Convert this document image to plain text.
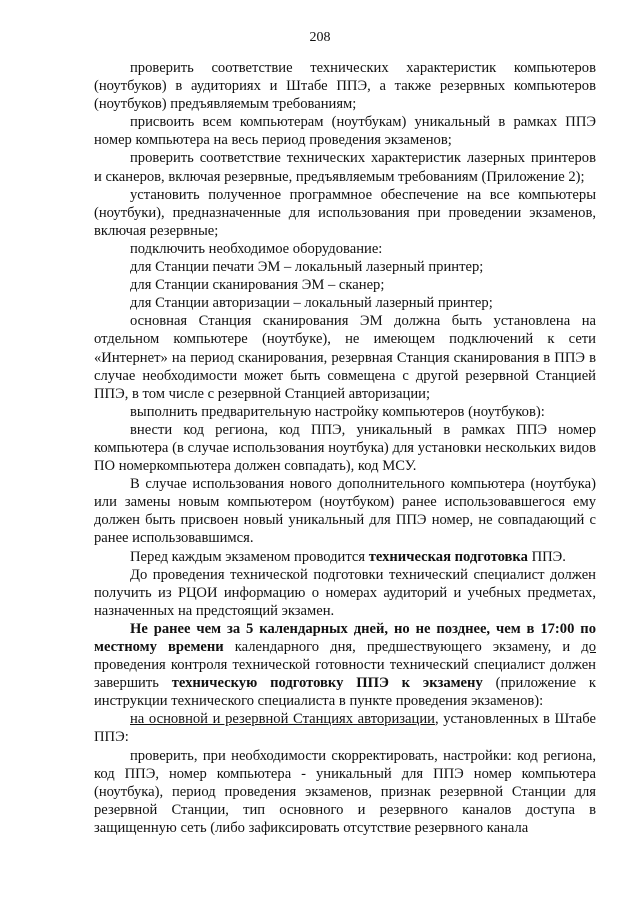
208

проверить соответствие технических характеристик компьютеров (ноутбуков) в аудиториях и Штабе ППЭ, а также резервных компьютеров (ноутбуков) предъявляемым требованиям;

присвоить всем компьютерам (ноутбукам) уникальный в рамках ППЭ номер компьютера на весь период проведения экзаменов;

проверить соответствие технических характеристик лазерных принтеров и сканеров, включая резервные, предъявляемым требованиям (Приложение 2);

установить полученное программное обеспечение на все компьютеры (ноутбуки), предназначенные для использования при проведении экзаменов, включая резервные;

подключить необходимое оборудование:

для Станции печати ЭМ – локальный лазерный принтер;

для Станции сканирования ЭМ – сканер;

для Станции авторизации – локальный лазерный принтер;

основная Станция сканирования ЭМ должна быть установлена на отдельном компьютере (ноутбуке), не имеющем подключений к сети «Интернет» на период сканирования, резервная Станция сканирования в ППЭ в случае необходимости может быть совмещена с другой резервной Станцией ППЭ, в том числе с резервной Станцией авторизации;

выполнить предварительную настройку компьютеров (ноутбуков):

внести код региона, код ППЭ, уникальный в рамках ППЭ номер компьютера (в случае использования ноутбука) для установки нескольких видов ПО номеркомпьютера должен совпадать), код МСУ.

В случае использования нового дополнительного компьютера (ноутбука) или замены новым компьютером (ноутбуком) ранее использовавшегося ему должен быть присвоен новый уникальный для ППЭ номер, не совпадающий с ранее использовавшимся.

Перед каждым экзаменом проводится техническая подготовка ППЭ.

До проведения технической подготовки технический специалист должен получить из РЦОИ информацию о номерах аудиторий и учебных предметах, назначенных на предстоящий экзамен.

Не ранее чем за 5 календарных дней, но не позднее, чем в 17:00 по местному времени календарного дня, предшествующего экзамену, и до проведения контроля технической готовности технический специалист должен завершить техническую подготовку ППЭ к экзамену (приложение к инструкции технического специалиста в пункте проведения экзаменов):

на основной и резервной Станциях авторизации, установленных в Штабе ППЭ:

проверить, при необходимости скорректировать, настройки: код региона, код ППЭ, номер компьютера - уникальный для ППЭ номер компьютера (ноутбука), период проведения экзаменов, признак резервной Станции для резервной Станции, тип основного и резервного каналов доступа в защищенную сеть (либо зафиксировать отсутствие резервного канала
